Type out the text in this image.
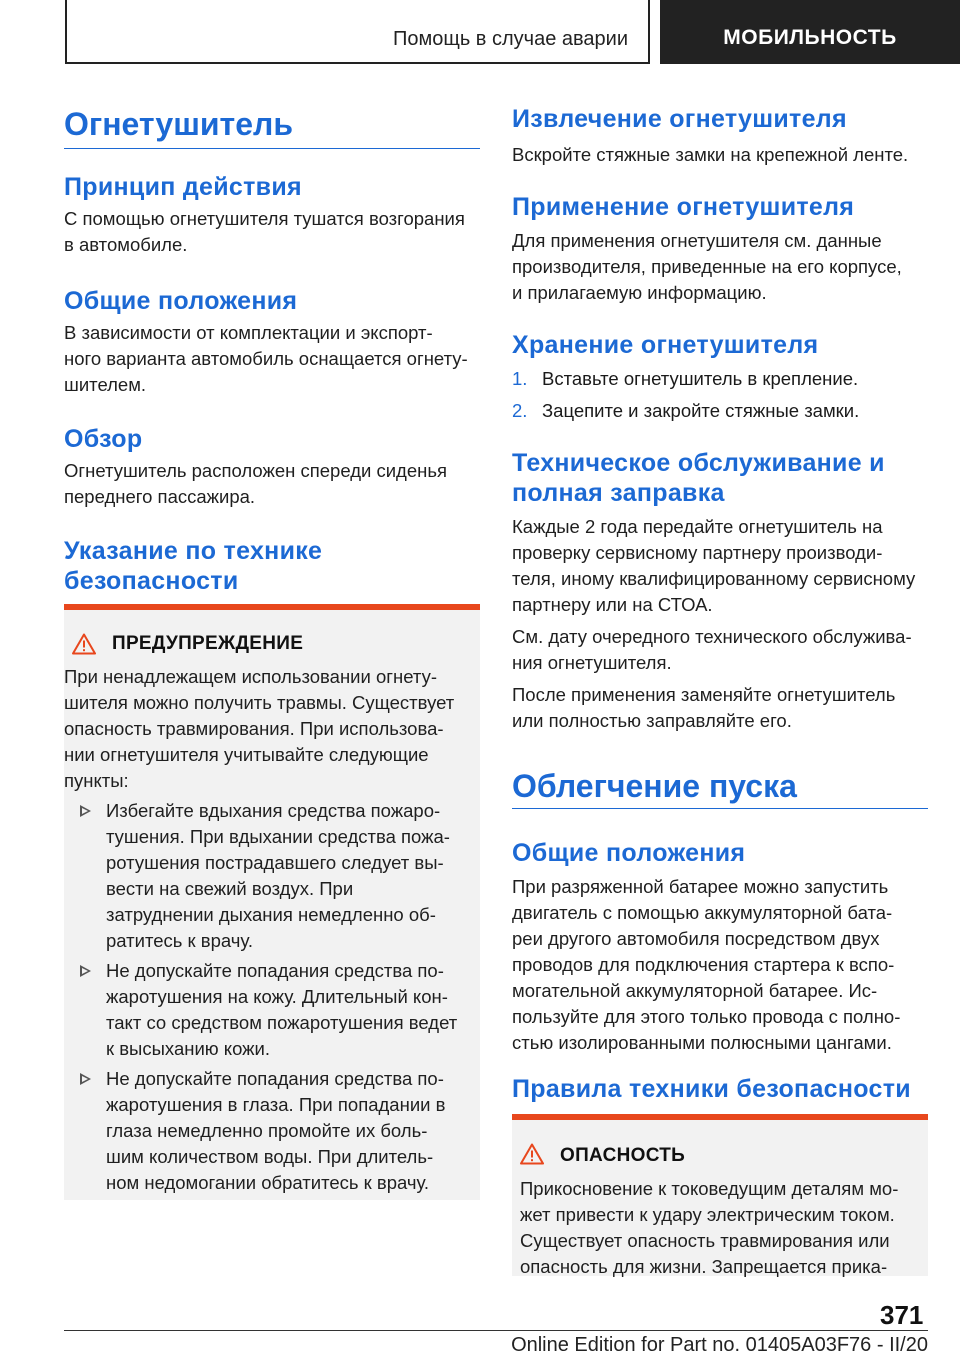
Помощь в случае аварии	МОБИЛЬНОСТЬ
Огнетушитель
Принцип действия
С помощью огнетушителя тушатся возгорания
в автомобиле.
Общие положения
В зависимости от комплектации и экспорт-
ного варианта автомобиль оснащается огнету-
шителем.
Обзор
Огнетушитель расположен спереди сиденья
переднего пассажира.
Указание по технике
безопасности
ПРЕДУПРЕЖДЕНИЕ
При ненадлежащем использовании огнету-
шителя можно получить травмы. Существует
опасность травмирования. При использова-
нии огнетушителя учитывайте следующие
пункты:
Избегайте вдыхания средства пожаро-
тушения. При вдыхании средства пожа-
ротушения пострадавшего следует вы-
вести на свежий воздух. При
затруднении дыхания немедленно об-
ратитесь к врачу.
Не допускайте попадания средства по-
жаротушения на кожу. Длительный кон-
такт со средством пожаротушения ведет
к высыханию кожи.
Не допускайте попадания средства по-
жаротушения в глаза. При попадании в
глаза немедленно промойте их боль-
шим количеством воды. При длитель-
ном недомогании обратитесь к врачу.
Извлечение огнетушителя
Вскройте стяжные замки на крепежной ленте.
Применение огнетушителя
Для применения огнетушителя см. данные
производителя, приведенные на его корпусе,
и прилагаемую информацию.
Хранение огнетушителя
1. Вставьте огнетушитель в крепление.
2. Зацепите и закройте стяжные замки.
Техническое обслуживание и
полная заправка
Каждые 2 года передайте огнетушитель на
проверку сервисному партнеру производи-
теля, иному квалифицированному сервисному
партнеру или на СТОА.
См. дату очередного технического обслужива-
ния огнетушителя.
После применения заменяйте огнетушитель
или полностью заправляйте его.
Облегчение пуска
Общие положения
При разряженной батарее можно запустить
двигатель с помощью аккумуляторной бата-
реи другого автомобиля посредством двух
проводов для подключения стартера к вспо-
могательной аккумуляторной батарее. Ис-
пользуйте для этого только провода с полно-
стью изолированными полюсными цангами.
Правила техники безопасности
ОПАСНОСТЬ
Прикосновение к токоведущим деталям мо-
жет привести к удару электрическим током.
Существует опасность травмирования или
опасность для жизни. Запрещается прика-
371
Online Edition for Part no. 01405A03F76 - II/20
